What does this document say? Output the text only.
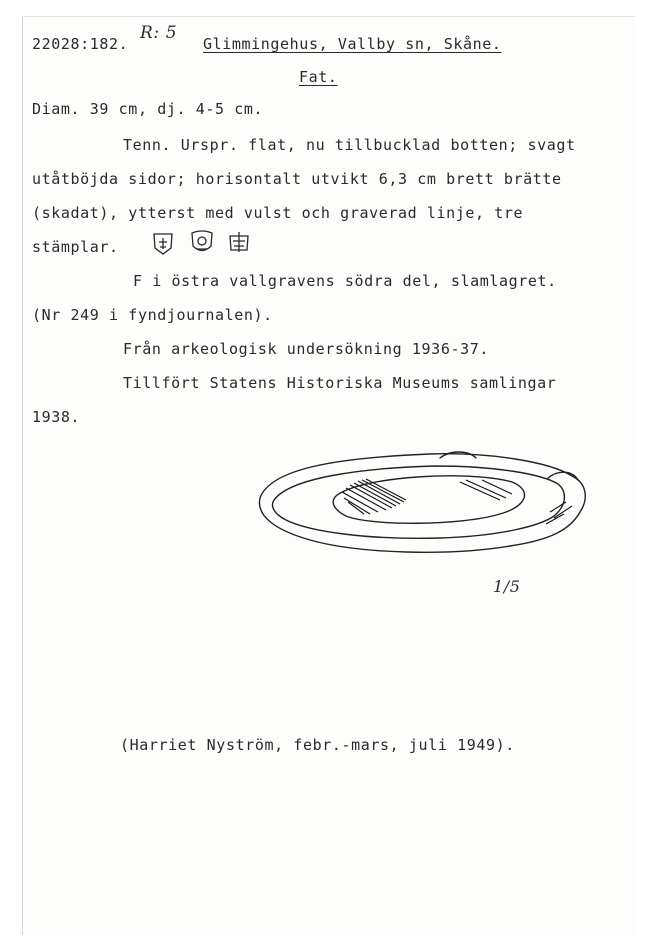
22028:182.
R: 5
Glimmingehus, Vallby sn, Skåne.
Fat.
Diam. 39 cm, dj. 4-5 cm.
Tenn. Urspr. flat, nu tillbucklad botten; svagt
utåtböjda sidor; horisontalt utvikt 6,3 cm brett brätte
(skadat), ytterst med vulst och graverad linje, tre
stämplar.
F i östra vallgravens södra del, slamlagret.
(Nr 249 i fyndjournalen).
Från arkeologisk undersökning 1936-37.
Tillfört Statens Historiska Museums samlingar
1938.
1/5
(Harriet Nyström, febr.-mars, juli 1949).
